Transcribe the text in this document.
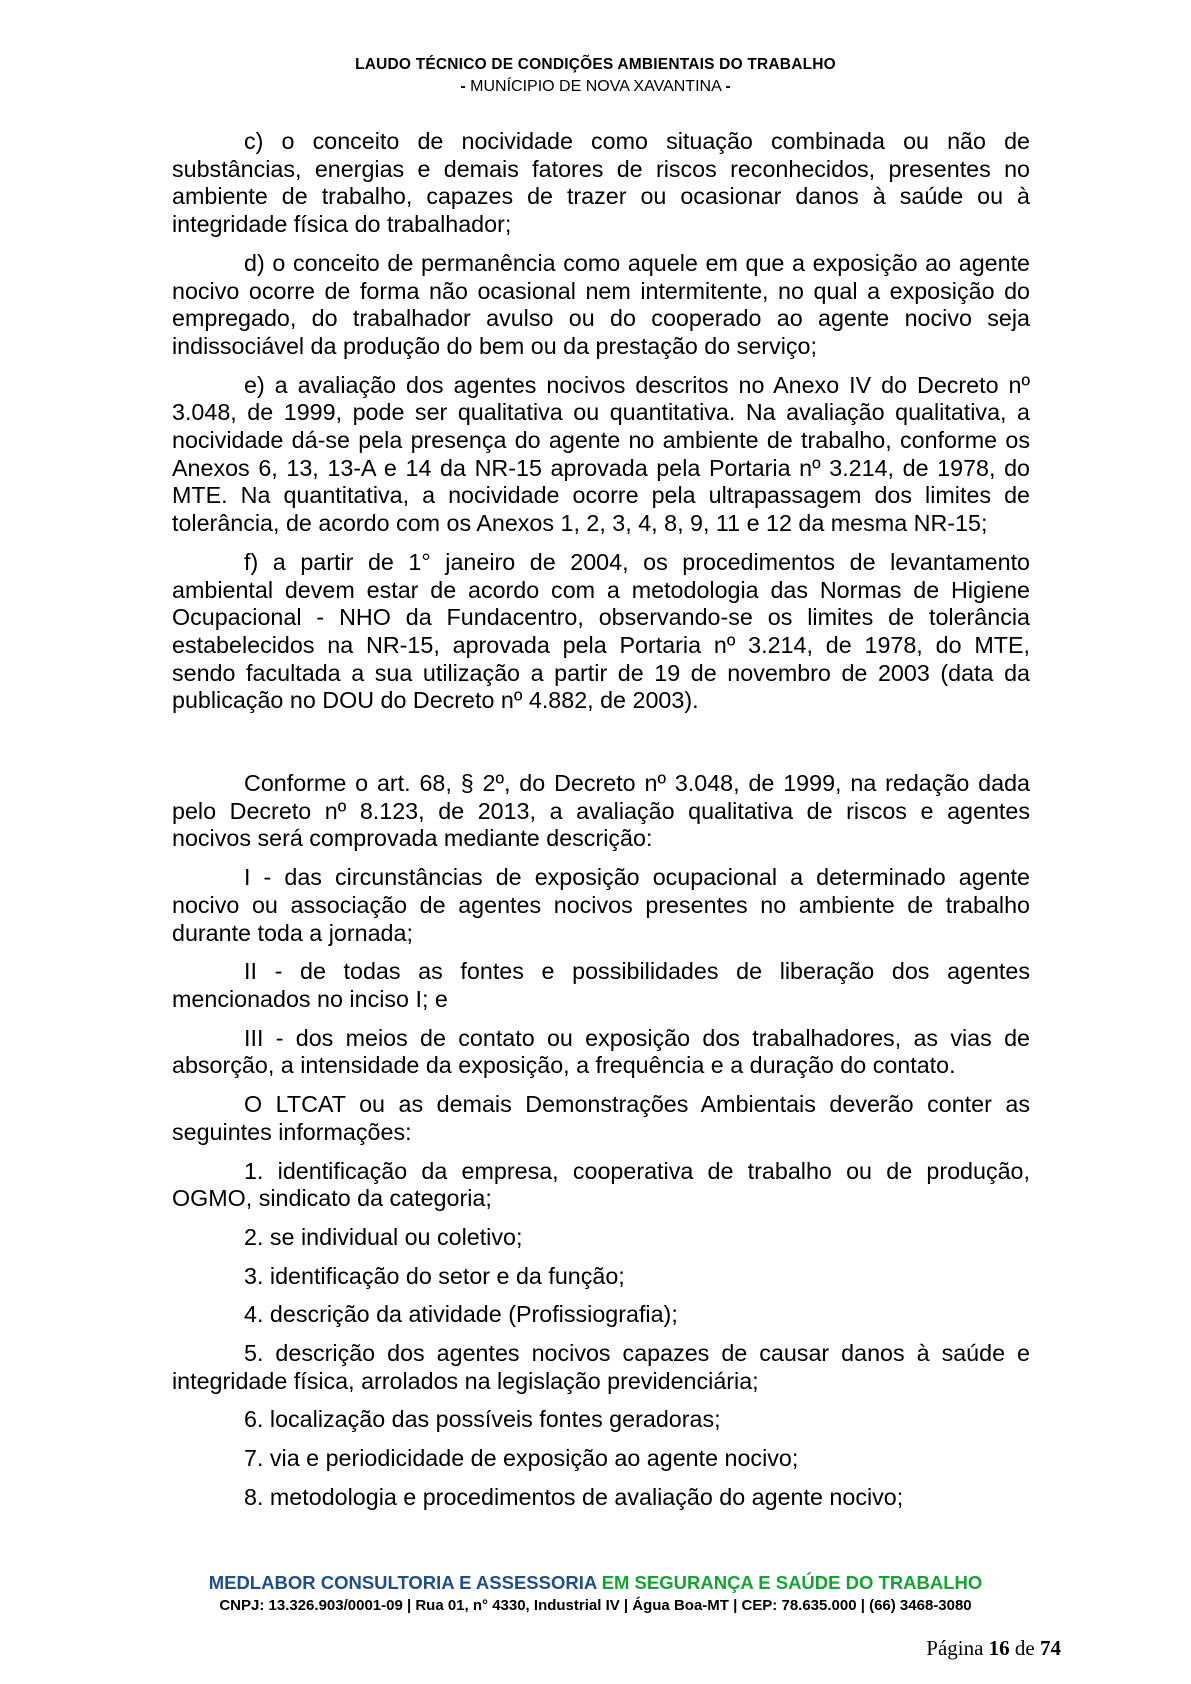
LAUDO TÉCNICO DE CONDIÇÕES AMBIENTAIS DO TRABALHO
- MUNÍCIPIO DE NOVA XAVANTINA -

c) o conceito de nocividade como situação combinada ou não de substâncias, energias e demais fatores de riscos reconhecidos, presentes no ambiente de trabalho, capazes de trazer ou ocasionar danos à saúde ou à integridade física do trabalhador;

d) o conceito de permanência como aquele em que a exposição ao agente nocivo ocorre de forma não ocasional nem intermitente, no qual a exposição do empregado, do trabalhador avulso ou do cooperado ao agente nocivo seja indissociável da produção do bem ou da prestação do serviço;

e) a avaliação dos agentes nocivos descritos no Anexo IV do Decreto nº 3.048, de 1999, pode ser qualitativa ou quantitativa. Na avaliação qualitativa, a nocividade dá-se pela presença do agente no ambiente de trabalho, conforme os Anexos 6, 13, 13-A e 14 da NR-15 aprovada pela Portaria nº 3.214, de 1978, do MTE. Na quantitativa, a nocividade ocorre pela ultrapassagem dos limites de tolerância, de acordo com os Anexos 1, 2, 3, 4, 8, 9, 11 e 12 da mesma NR-15;

f) a partir de 1° janeiro de 2004, os procedimentos de levantamento ambiental devem estar de acordo com a metodologia das Normas de Higiene Ocupacional - NHO da Fundacentro, observando-se os limites de tolerância estabelecidos na NR-15, aprovada pela Portaria nº 3.214, de 1978, do MTE, sendo facultada a sua utilização a partir de 19 de novembro de 2003 (data da publicação no DOU do Decreto nº 4.882, de 2003).

Conforme o art. 68, § 2º, do Decreto nº 3.048, de 1999, na redação dada pelo Decreto nº 8.123, de 2013, a avaliação qualitativa de riscos e agentes nocivos será comprovada mediante descrição:

I - das circunstâncias de exposição ocupacional a determinado agente nocivo ou associação de agentes nocivos presentes no ambiente de trabalho durante toda a jornada;

II - de todas as fontes e possibilidades de liberação dos agentes mencionados no inciso I; e

III - dos meios de contato ou exposição dos trabalhadores, as vias de absorção, a intensidade da exposição, a frequência e a duração do contato.

O LTCAT ou as demais Demonstrações Ambientais deverão conter as seguintes informações:

1. identificação da empresa, cooperativa de trabalho ou de produção, OGMO, sindicato da categoria;

2. se individual ou coletivo;

3. identificação do setor e da função;

4. descrição da atividade (Profissiografia);

5. descrição dos agentes nocivos capazes de causar danos à saúde e integridade física, arrolados na legislação previdenciária;

6. localização das possíveis fontes geradoras;

7. via e periodicidade de exposição ao agente nocivo;

8. metodologia e procedimentos de avaliação do agente nocivo;

MEDLABOR CONSULTORIA E ASSESSORIA EM SEGURANÇA E SAÚDE DO TRABALHO
CNPJ: 13.326.903/0001-09 | Rua 01, n° 4330, Industrial IV | Água Boa-MT | CEP: 78.635.000 | (66) 3468-3080
Página 16 de 74
